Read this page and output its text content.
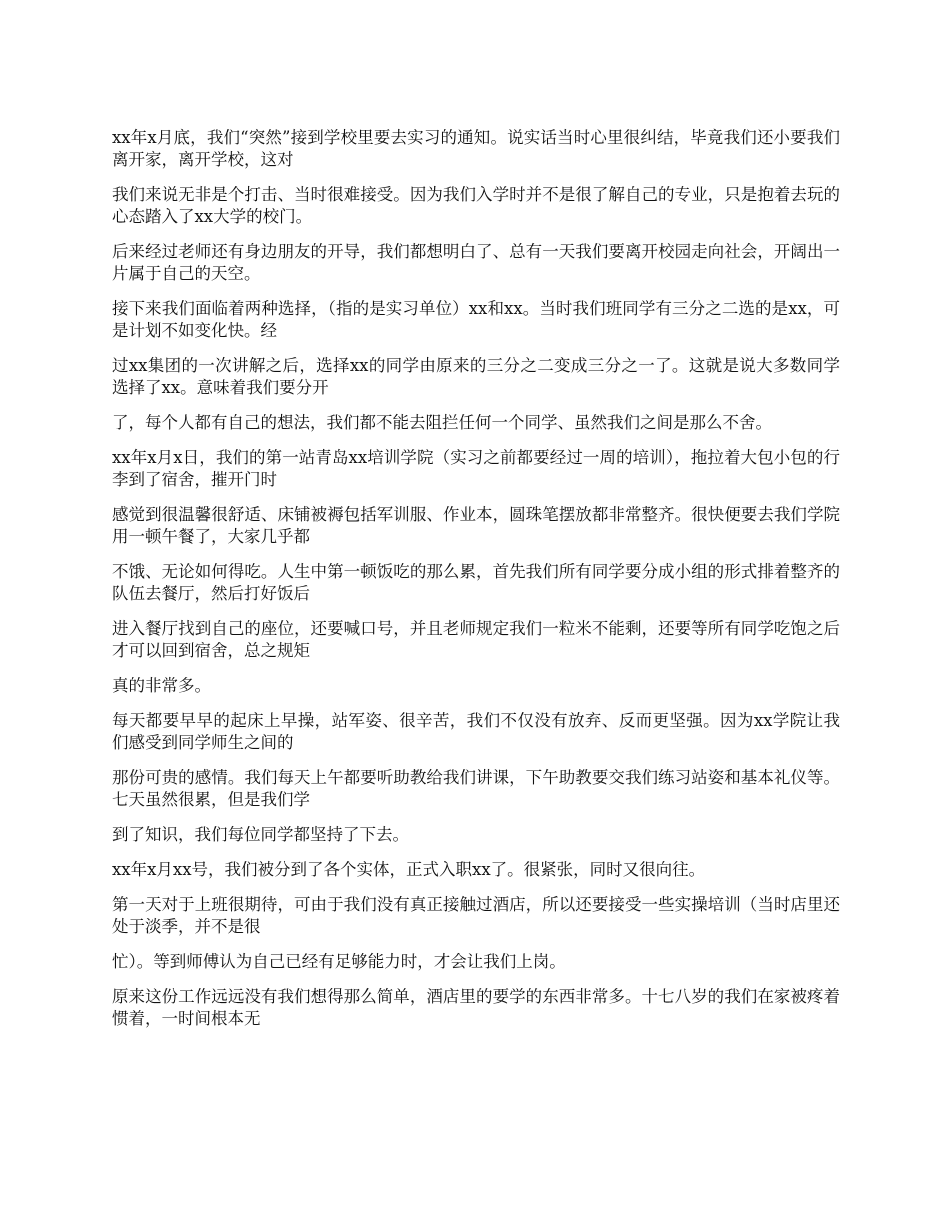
xx年x月底，我们“突然”接到学校里要去实习的通知。说实话当时心里很纠结，毕竟我们还小要我们离开家，离开学校，这对

我们来说无非是个打击、当时很难接受。因为我们入学时并不是很了解自己的专业，只是抱着去玩的心态踏入了xx大学的校门。

后来经过老师还有身边朋友的开导，我们都想明白了、总有一天我们要离开校园走向社会，开阔出一片属于自己的天空。

接下来我们面临着两种选择，（指的是实习单位）xx和xx。当时我们班同学有三分之二选的是xx，可是计划不如变化快。经

过xx集团的一次讲解之后，选择xx的同学由原来的三分之二变成三分之一了。这就是说大多数同学选择了xx。意味着我们要分开

了，每个人都有自己的想法，我们都不能去阻拦任何一个同学、虽然我们之间是那么不舍。

xx年x月x日，我们的第一站青岛xx培训学院（实习之前都要经过一周的培训），拖拉着大包小包的行李到了宿舍，摧开门时

感觉到很温馨很舒适、床铺被褥包括军训服、作业本，圆珠笔摆放都非常整齐。很快便要去我们学院用一顿午餐了，大家几乎都

不饿、无论如何得吃。人生中第一顿饭吃的那么累，首先我们所有同学要分成小组的形式排着整齐的队伍去餐厅，然后打好饭后

进入餐厅找到自己的座位，还要喊口号，并且老师规定我们一粒米不能剩，还要等所有同学吃饱之后才可以回到宿舍，总之规矩

真的非常多。

每天都要早早的起床上早操，站军姿、很辛苦，我们不仅没有放弃、反而更坚强。因为xx学院让我们感受到同学师生之间的

那份可贵的感情。我们每天上午都要听助教给我们讲课，下午助教要交我们练习站姿和基本礼仪等。七天虽然很累，但是我们学

到了知识，我们每位同学都坚持了下去。

xx年x月xx号，我们被分到了各个实体，正式入职xx了。很紧张，同时又很向往。

第一天对于上班很期待，可由于我们没有真正接触过酒店，所以还要接受一些实操培训（当时店里还处于淡季，并不是很

忙）。等到师傅认为自己已经有足够能力时，才会让我们上岗。

原来这份工作远远没有我们想得那么简单，酒店里的要学的东西非常多。十七八岁的我们在家被疼着惯着，一时间根本无
